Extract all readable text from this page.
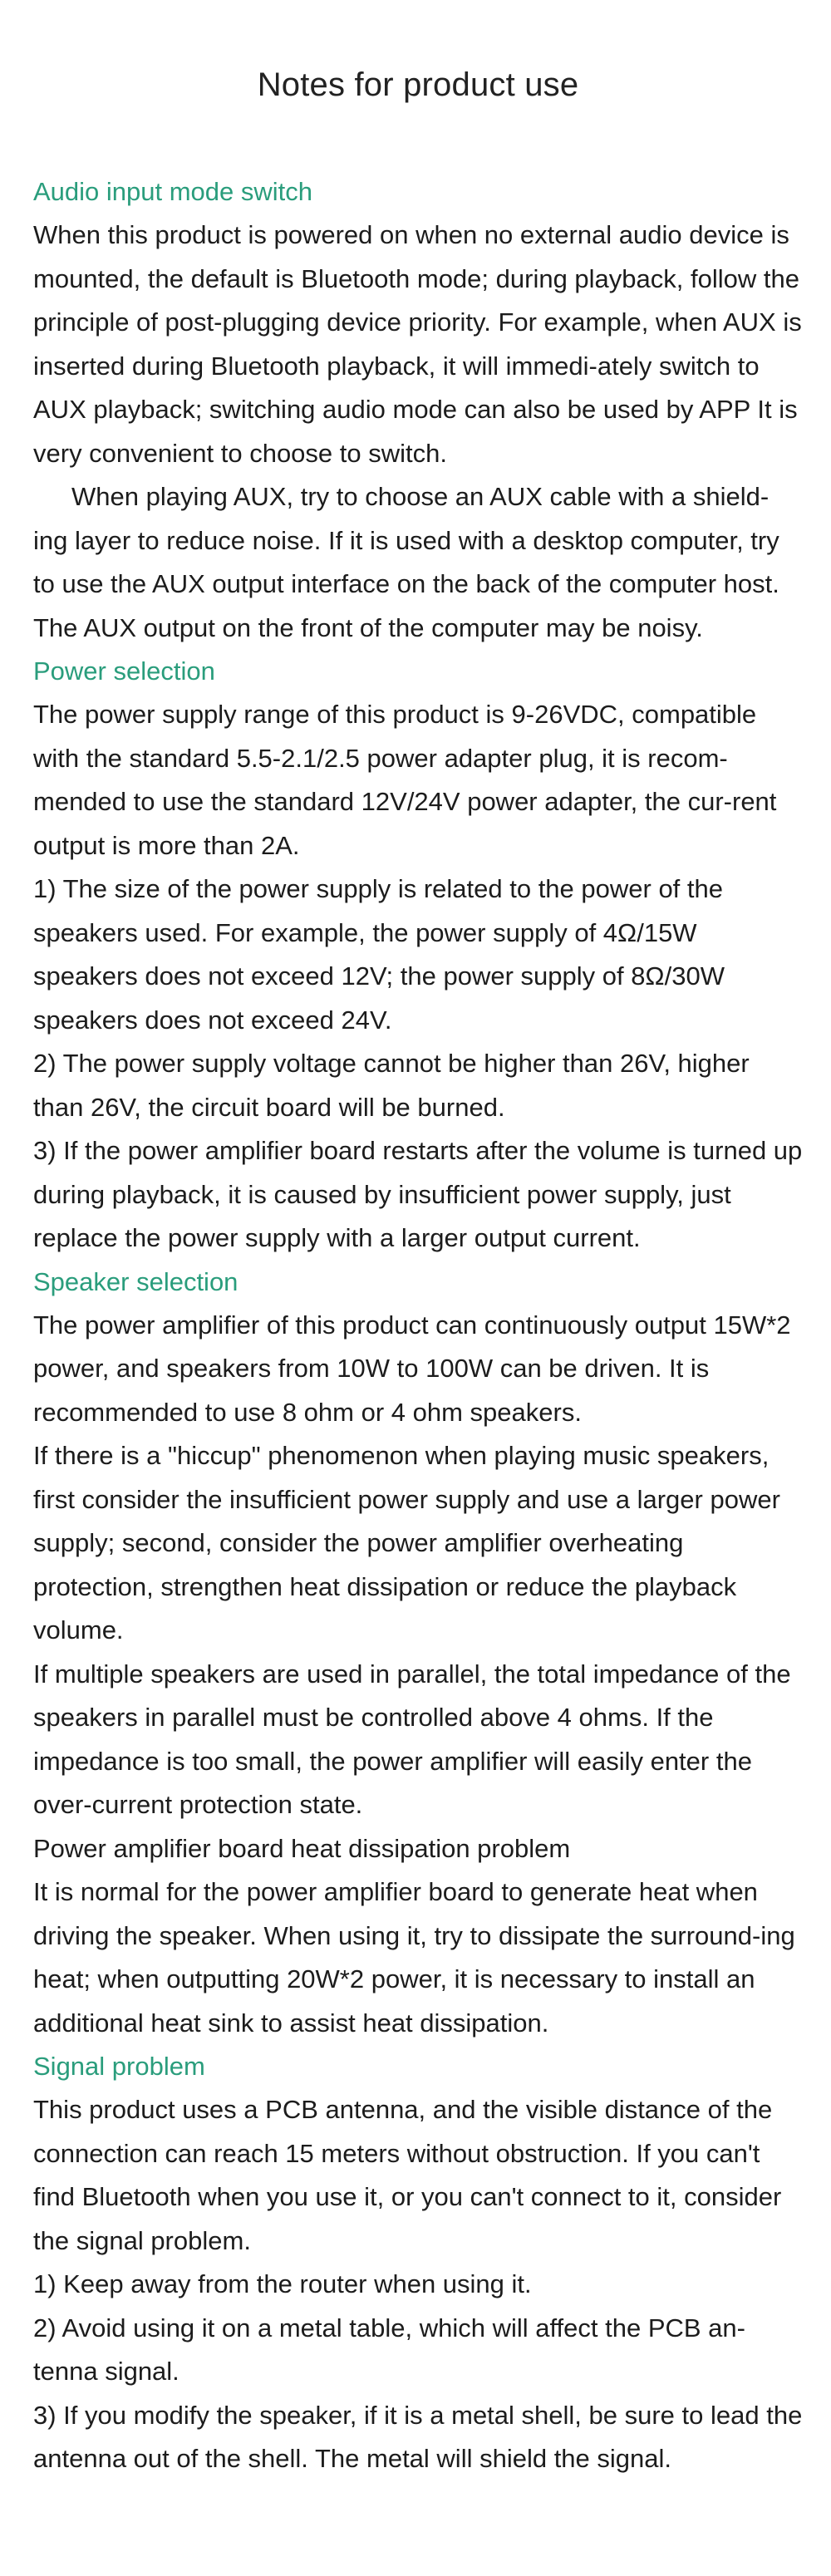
Notes for product use

Audio input mode switch

When this product is powered on when no external audio device is mounted, the default is Bluetooth mode; during playback, follow the principle of post-plugging device priority. For example, when AUX is inserted during Bluetooth playback, it will immedi-ately switch to AUX playback; switching audio mode can also be used by APP It is very convenient to choose to switch.

When playing AUX, try to choose an AUX cable with a shield-ing layer to reduce noise. If it is used with a desktop computer, try to use the AUX output interface on the back of the computer host. The AUX output on the front of the computer may be noisy.

Power selection

The power supply range of this product is 9-26VDC, compatible with the standard 5.5-2.1/2.5 power adapter plug, it is recom-mended to use the standard 12V/24V power adapter, the cur-rent output is more than 2A.

1) The size of the power supply is related to the power of the speakers used. For example, the power supply of 4Ω/15W speakers does not exceed 12V; the power supply of 8Ω/30W speakers does not exceed 24V.

2) The power supply voltage cannot be higher than 26V, higher than 26V, the circuit board will be burned.

3) If the power amplifier board restarts after the volume is turned up during playback, it is caused by insufficient power supply, just replace the power supply with a larger output current.

Speaker selection

The power amplifier of this product can continuously output 15W*2 power, and speakers from 10W to 100W can be driven. It is recommended to use 8 ohm or 4 ohm speakers.

If there is a "hiccup" phenomenon when playing music speakers, first consider the insufficient power supply and use a larger power supply; second, consider the power amplifier overheating protection, strengthen heat dissipation or reduce the playback volume.

If multiple speakers are used in parallel, the total impedance of the speakers in parallel must be controlled above 4 ohms. If the impedance is too small, the power amplifier will easily enter the over-current protection state.

Power amplifier board heat dissipation problem

It is normal for the power amplifier board to generate heat when driving the speaker. When using it, try to dissipate the surround-ing heat; when outputting 20W*2 power, it is necessary to install an additional heat sink to assist heat dissipation.

Signal problem

This product uses a PCB antenna, and the visible distance of the connection can reach 15 meters without obstruction. If you can't find Bluetooth when you use it, or you can't connect to it, consider the signal problem.

1) Keep away from the router when using it.

2) Avoid using it on a metal table, which will affect the PCB an-tenna signal.

3) If you modify the speaker, if it is a metal shell, be sure to lead the antenna out of the shell. The metal will shield the signal.
